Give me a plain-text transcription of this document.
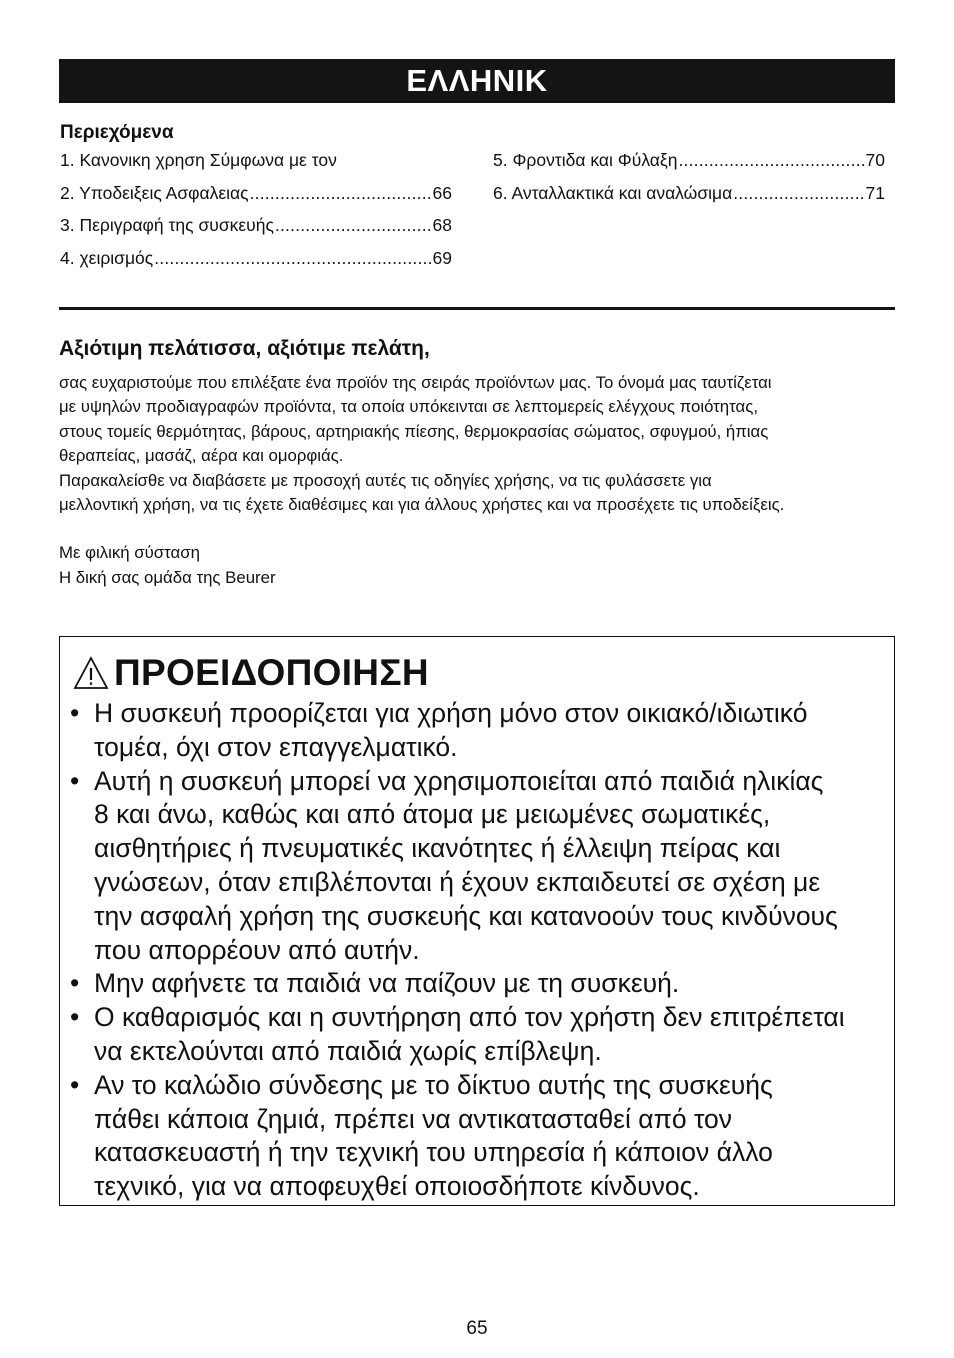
ΕΛΛΗΝΙΚ
Περιεχόμενα
1. Κανονικη χρηση Σύμφωνα με τον
2. Υποδειξεις Ασφαλειας .....	66
3. Περιγραφή της συσκευής .....	68
4. χειρισμός .....	69
5. Φροντιδα και Φύλαξη .....	70
6. Ανταλλακτικά και αναλώσιμα .....	71
Αξιότιμη πελάτισσα, αξιότιμε πελάτη,

σας ευχαριστούμε που επιλέξατε ένα προϊόν της σειράς προϊόντων μας. Το όνομά μας ταυτίζεται

με υψηλών προδιαγραφών προϊόντα, τα οποία υπόκεινται σε λεπτομερείς ελέγχους ποιότητας,

στους τομείς θερμότητας, βάρους, αρτηριακής πίεσης, θερμοκρασίας σώματος, σφυγμού, ήπιας

θεραπείας, μασάζ, αέρα και ομορφιάς.

Παρακαλείσθε να διαβάσετε με προσοχή αυτές τις οδηγίες χρήσης, να τις φυλάσσετε για

μελλοντική χρήση, να τις έχετε διαθέσιμες και για άλλους χρήστες και να προσέχετε τις υποδείξεις.

Με φιλική σύσταση

Η δική σας ομάδα της Beurer

ΠΡΟΕΙΔΟΠΟΙΗΣΗ
• Η συσκευή προορίζεται για χρήση μόνο στον οικιακό/ιδιωτικό
τομέα, όχι στον επαγγελματικό.
• Αυτή η συσκευή μπορεί να χρησιμοποιείται από παιδιά ηλικίας
8 και άνω, καθώς και από άτομα με μειωμένες σωματικές,
αισθητήριες ή πνευματικές ικανότητες ή έλλειψη πείρας και
γνώσεων, όταν επιβλέπονται ή έχουν εκπαιδευτεί σε σχέση με
την ασφαλή χρήση της συσκευής και κατανοούν τους κινδύνους
που απορρέουν από αυτήν.
• Μην αφήνετε τα παιδιά να παίζουν με τη συσκευή.
• Ο καθαρισμός και η συντήρηση από τον χρήστη δεν επιτρέπεται
να εκτελούνται από παιδιά χωρίς επίβλεψη.
• Αν το καλώδιο σύνδεσης με το δίκτυο αυτής της συσκευής
πάθει κάποια ζημιά, πρέπει να αντικατασταθεί από τον
κατασκευαστή ή την τεχνική του υπηρεσία ή κάποιον άλλο
τεχνικό, για να αποφευχθεί οποιοσδήποτε κίνδυνος.
65
